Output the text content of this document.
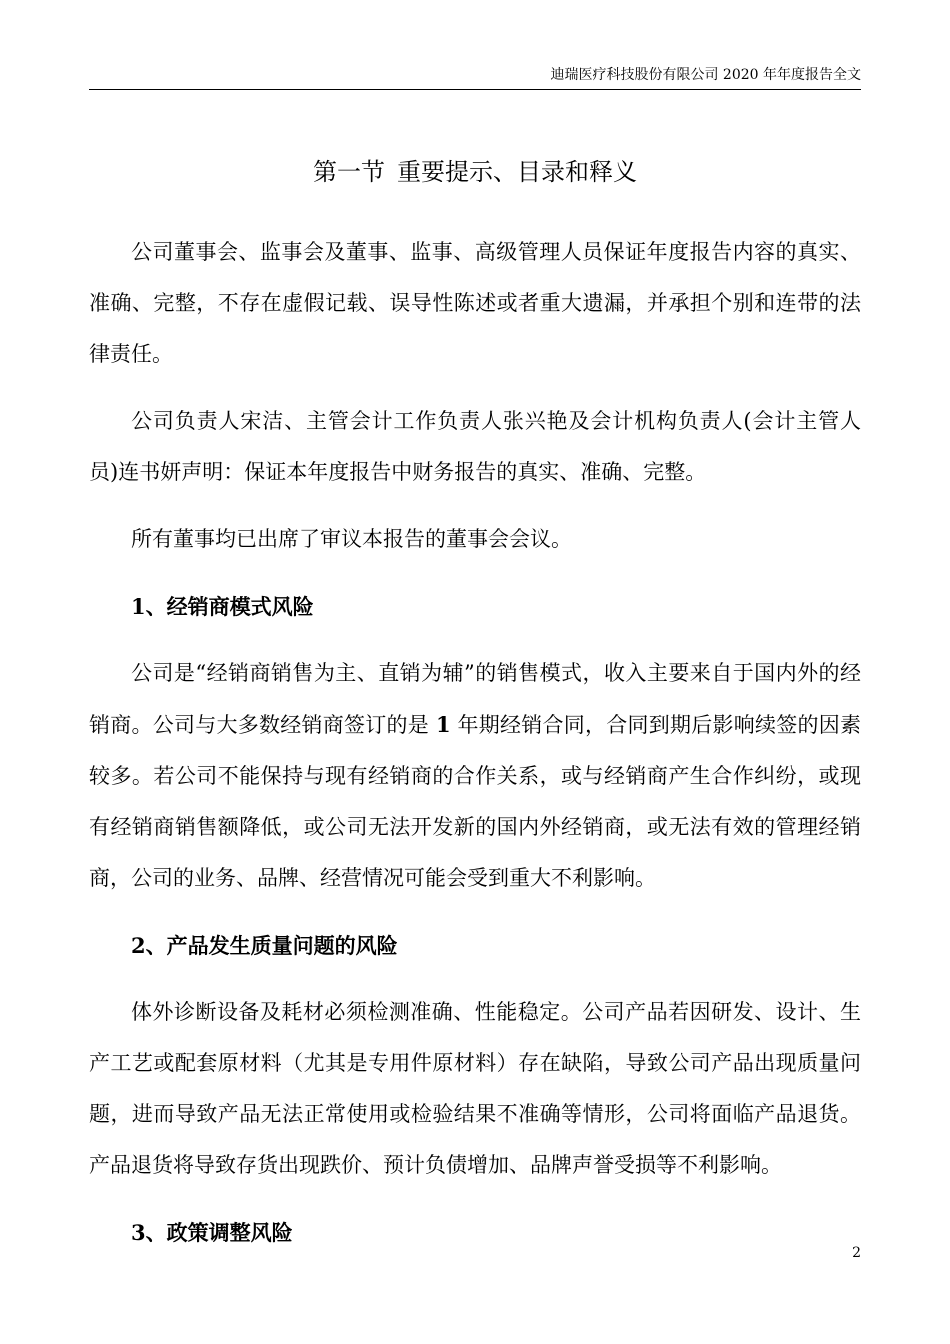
迪瑞医疗科技股份有限公司 2020 年年度报告全文
第一节 重要提示、目录和释义

公司董事会、监事会及董事、监事、高级管理人员保证年度报告内容的真实、准确、完整，不存在虚假记载、误导性陈述或者重大遗漏，并承担个别和连带的法律责任。

公司负责人宋洁、主管会计工作负责人张兴艳及会计机构负责人(会计主管人员)连书妍声明：保证本年度报告中财务报告的真实、准确、完整。

所有董事均已出席了审议本报告的董事会会议。

1、经销商模式风险

公司是“经销商销售为主、直销为辅”的销售模式，收入主要来自于国内外的经销商。公司与大多数经销商签订的是 1 年期经销合同，合同到期后影响续签的因素较多。若公司不能保持与现有经销商的合作关系，或与经销商产生合作纠纷，或现有经销商销售额降低，或公司无法开发新的国内外经销商，或无法有效的管理经销商，公司的业务、品牌、经营情况可能会受到重大不利影响。

2、产品发生质量问题的风险

体外诊断设备及耗材必须检测准确、性能稳定。公司产品若因研发、设计、生产工艺或配套原材料（尤其是专用件原材料）存在缺陷，导致公司产品出现质量问题，进而导致产品无法正常使用或检验结果不准确等情形，公司将面临产品退货。产品退货将导致存货出现跌价、预计负债增加、品牌声誉受损等不利影响。

3、政策调整风险

2
